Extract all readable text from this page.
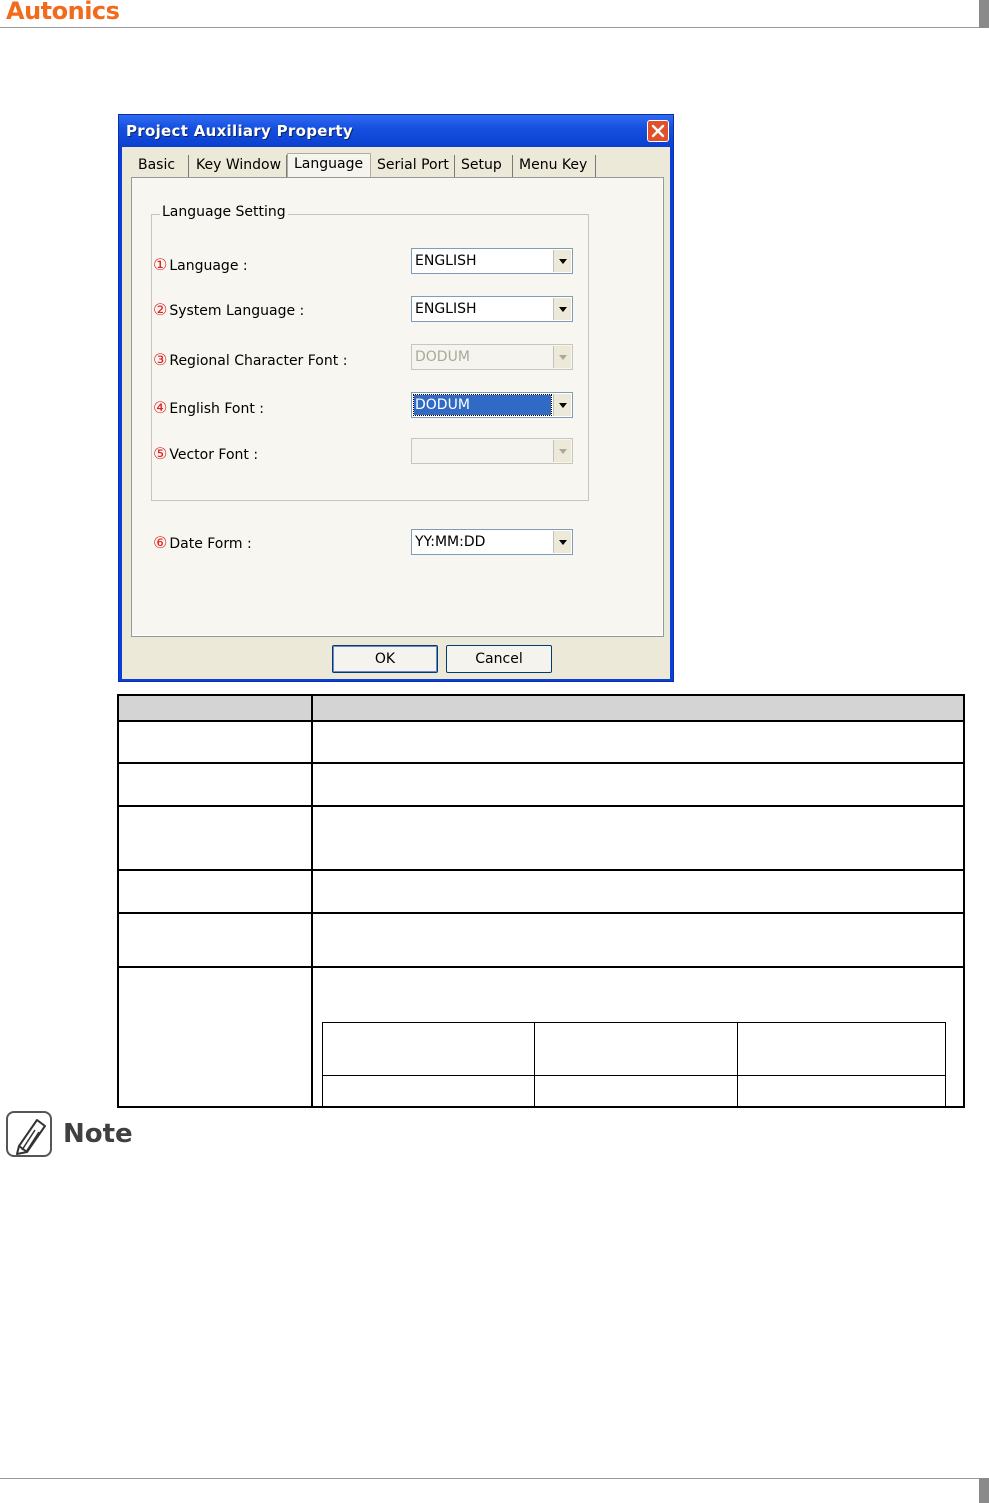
Autonics
Project Auxiliary Property
Basic	Key Window Language Serial Port Setup	Menu Key
Language Setting
① Language :	ENGLISH
② System Language :	ENGLISH
③ Regional Character Font :	DODUM
④ English Font :	DODUM
⑤ Vector Font :
⑥ Date Form :	YY:MM:DD
OK	Cancel

Note
